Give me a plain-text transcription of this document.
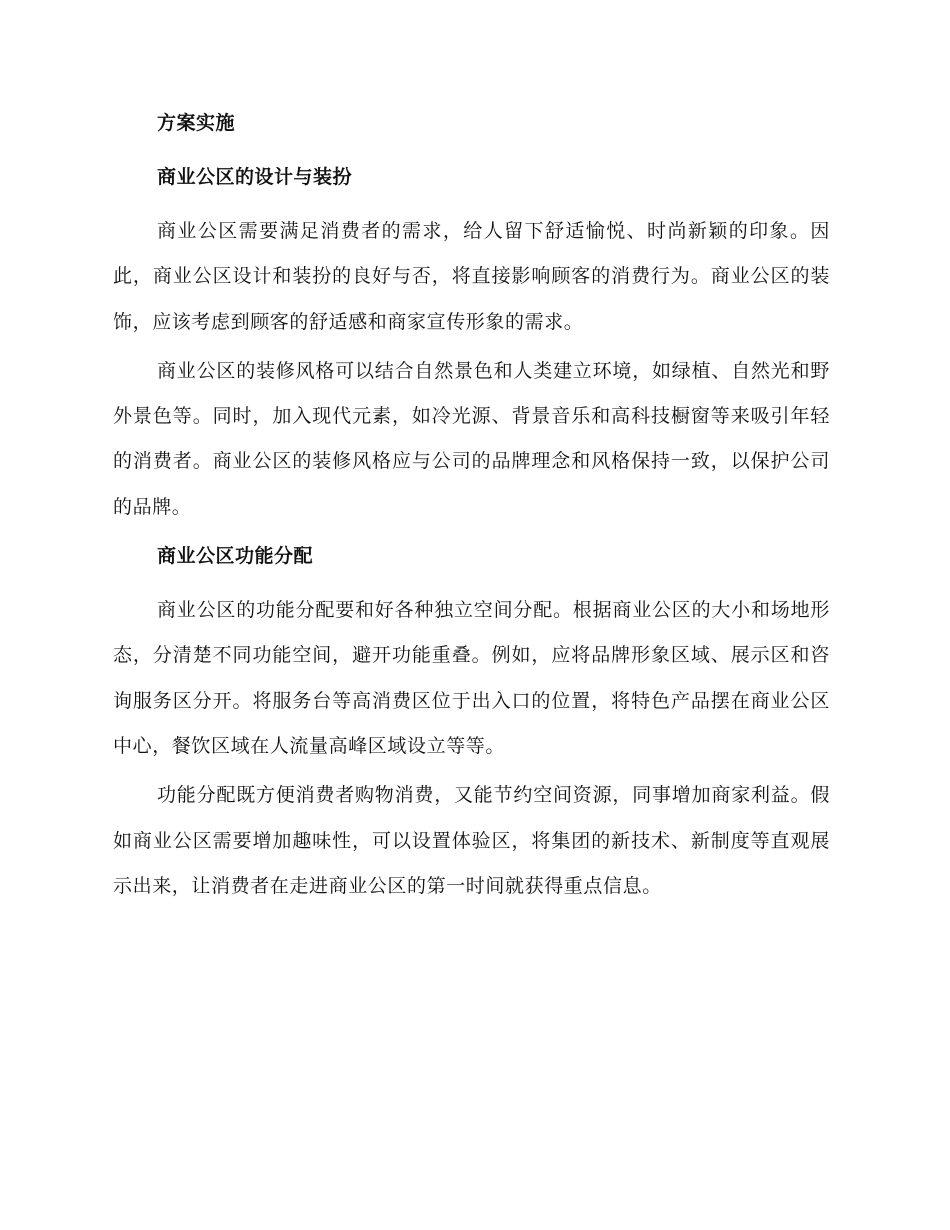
方案实施
商业公区的设计与装扮

商业公区需要满足消费者的需求，给人留下舒适愉悦、时尚新颖的印象。因此，商业公区设计和装扮的良好与否，将直接影响顾客的消费行为。商业公区的装饰，应该考虑到顾客的舒适感和商家宣传形象的需求。

商业公区的装修风格可以结合自然景色和人类建立环境，如绿植、自然光和野外景色等。同时，加入现代元素，如冷光源、背景音乐和高科技橱窗等来吸引年轻的消费者。商业公区的装修风格应与公司的品牌理念和风格保持一致，以保护公司的品牌。

商业公区功能分配

商业公区的功能分配要和好各种独立空间分配。根据商业公区的大小和场地形态，分清楚不同功能空间，避开功能重叠。例如，应将品牌形象区域、展示区和咨询服务区分开。将服务台等高消费区位于出入口的位置，将特色产品摆在商业公区中心，餐饮区域在人流量高峰区域设立等等。

功能分配既方便消费者购物消费，又能节约空间资源，同事增加商家利益。假如商业公区需要增加趣味性，可以设置体验区，将集团的新技术、新制度等直观展示出来，让消费者在走进商业公区的第一时间就获得重点信息。
